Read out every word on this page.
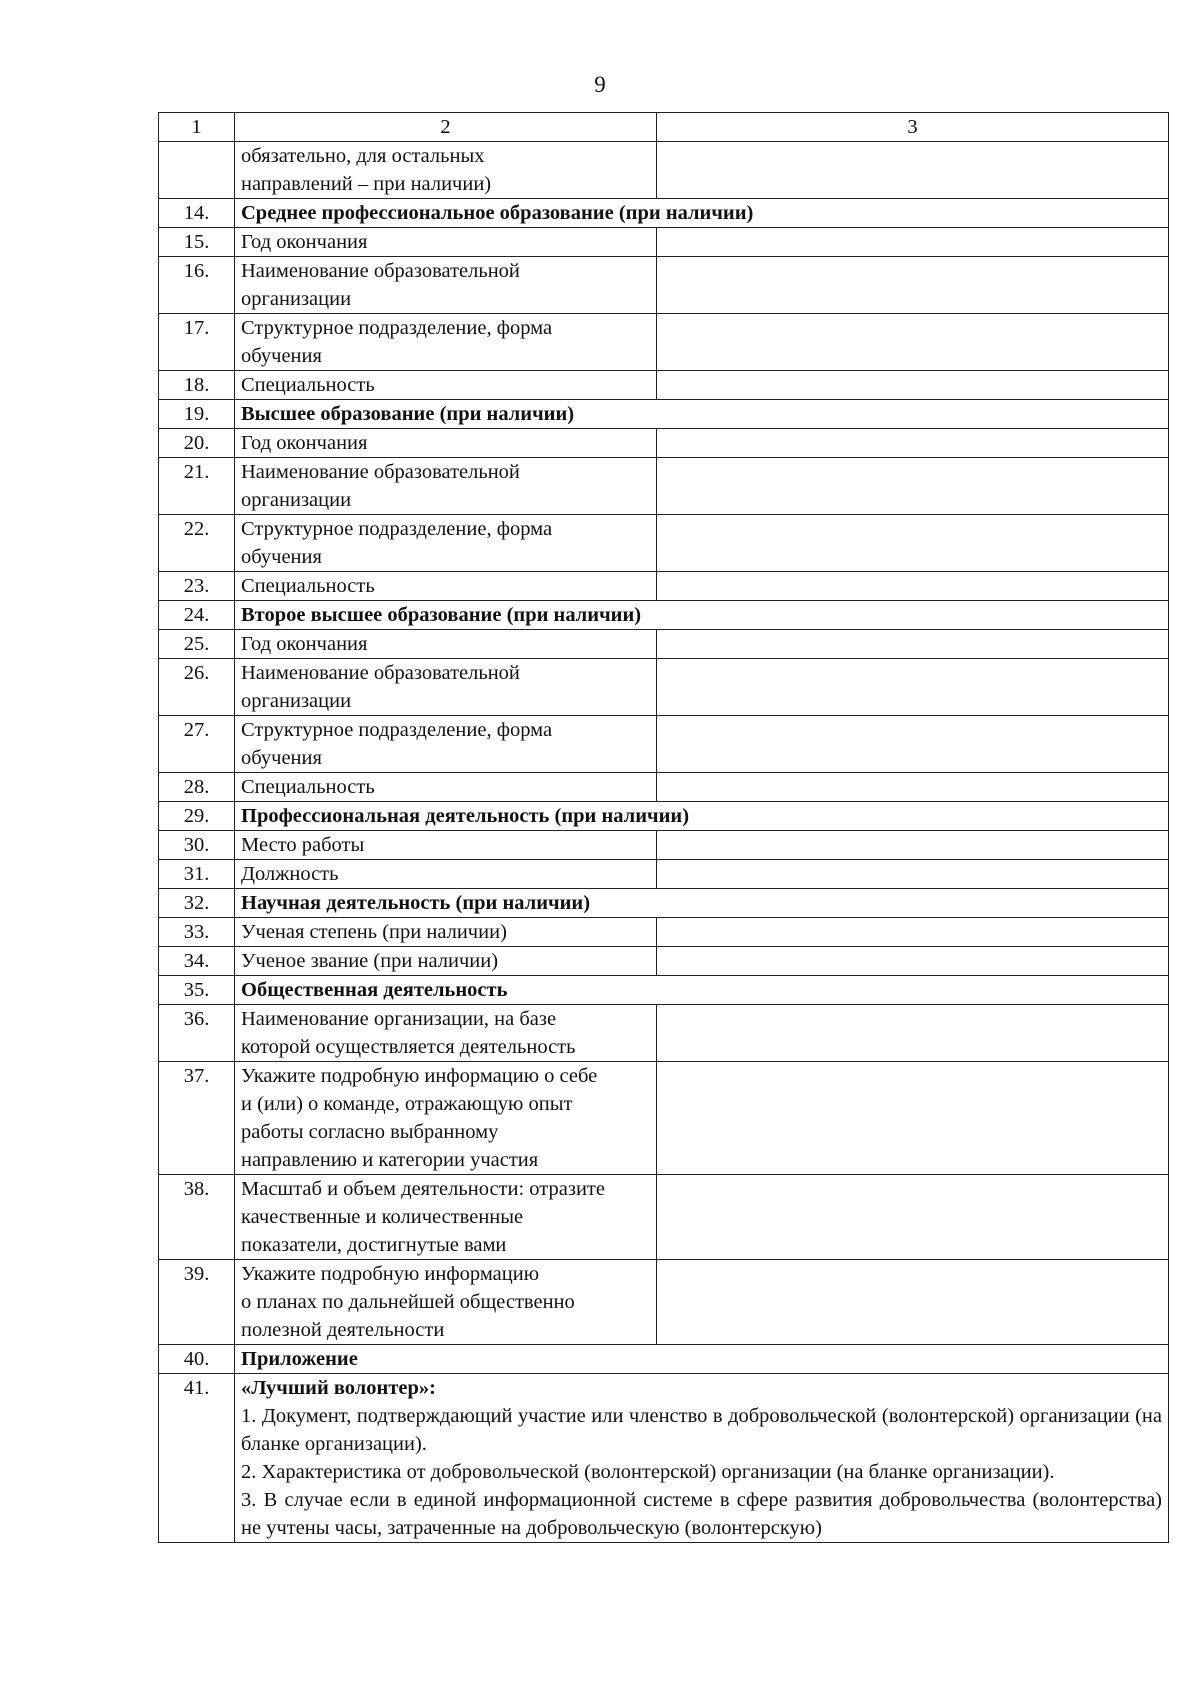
9
1	2	3

	обязательно, для остальных
направлений – при наличии)	

14.	Среднее профессиональное образование (при наличии)	

15.	Год окончания	

16.	Наименование образовательной
организации	

17.	Структурное подразделение, форма
обучения	

18.	Специальность	

19.	Высшее образование (при наличии)	

20.	Год окончания	

21.	Наименование образовательной
организации	

22.	Структурное подразделение, форма
обучения	

23.	Специальность	

24.	Второе высшее образование (при наличии)	

25.	Год окончания	

26.	Наименование образовательной
организации	

27.	Структурное подразделение, форма
обучения	

28.	Специальность	

29.	Профессиональная деятельность (при наличии)	

30.	Место работы	

31.	Должность	

32.	Научная деятельность (при наличии)	

33.	Ученая степень (при наличии)	

34.	Ученое звание (при наличии)	

35.	Общественная деятельность	

36.	Наименование организации, на базе
которой осуществляется деятельность	

37.	Укажите подробную информацию о себе
и (или) о команде, отражающую опыт
работы согласно выбранному
направлению и категории участия	

38.	Масштаб и объем деятельности: отразите
качественные и количественные
показатели, достигнутые вами	

39.	Укажите подробную информацию
о планах по дальнейшей общественно
полезной деятельности	

40.	Приложение	

41.	«Лучший волонтер»:
1. Документ, подтверждающий участие или членство в добровольческой (волонтерской) организации (на бланке организации).
2. Характеристика от добровольческой (волонтерской) организации (на бланке организации).
3. В случае если в единой информационной системе в сфере развития добровольчества (волонтерства) не учтены часы, затраченные на добровольческую (волонтерскую)	
